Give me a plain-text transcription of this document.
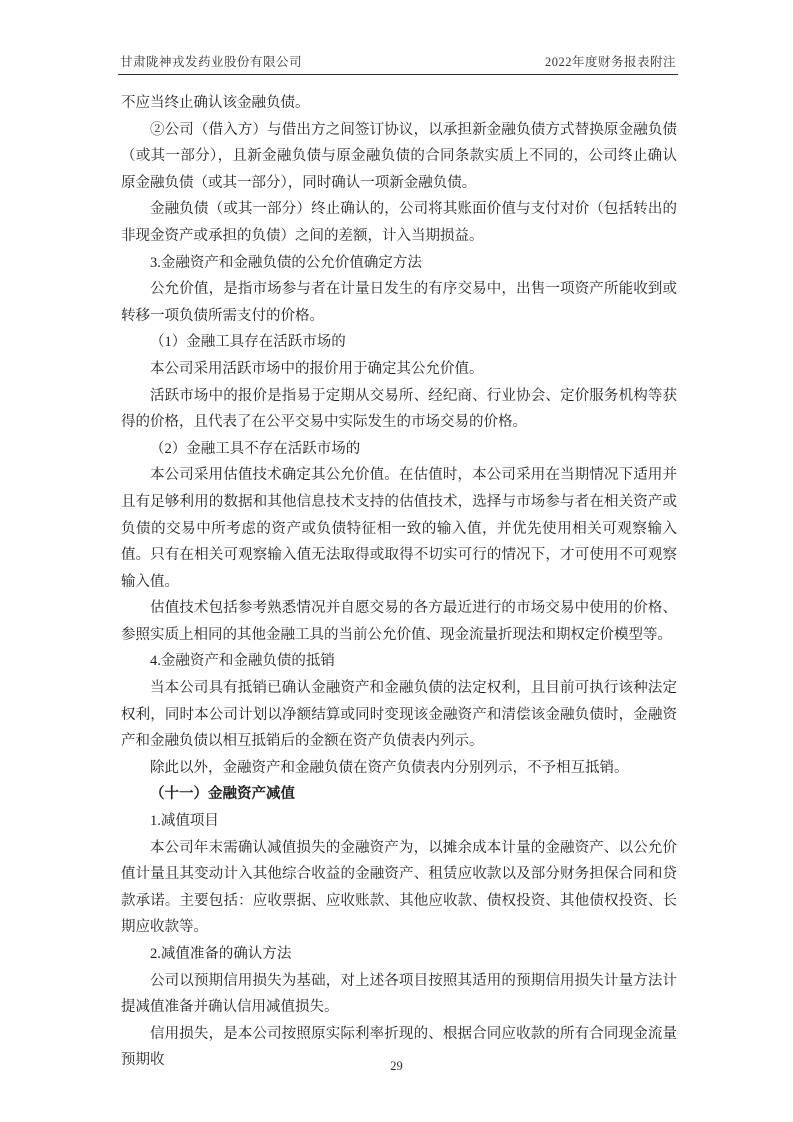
甘肃陇神戎发药业股份有限公司	2022年度财务报表附注

不应当终止确认该金融负债。

②公司（借入方）与借出方之间签订协议，以承担新金融负债方式替换原金融负债（或其一部分），且新金融负债与原金融负债的合同条款实质上不同的，公司终止确认原金融负债（或其一部分），同时确认一项新金融负债。

金融负债（或其一部分）终止确认的，公司将其账面价值与支付对价（包括转出的非现金资产或承担的负债）之间的差额，计入当期损益。

3.金融资产和金融负债的公允价值确定方法

公允价值，是指市场参与者在计量日发生的有序交易中，出售一项资产所能收到或转移一项负债所需支付的价格。

（1）金融工具存在活跃市场的

本公司采用活跃市场中的报价用于确定其公允价值。

活跃市场中的报价是指易于定期从交易所、经纪商、行业协会、定价服务机构等获得的价格，且代表了在公平交易中实际发生的市场交易的价格。

（2）金融工具不存在活跃市场的

本公司采用估值技术确定其公允价值。在估值时，本公司采用在当期情况下适用并且有足够利用的数据和其他信息技术支持的估值技术，选择与市场参与者在相关资产或负债的交易中所考虑的资产或负债特征相一致的输入值，并优先使用相关可观察输入值。只有在相关可观察输入值无法取得或取得不切实可行的情况下，才可使用不可观察输入值。

估值技术包括参考熟悉情况并自愿交易的各方最近进行的市场交易中使用的价格、参照实质上相同的其他金融工具的当前公允价值、现金流量折现法和期权定价模型等。

4.金融资产和金融负债的抵销

当本公司具有抵销已确认金融资产和金融负债的法定权利，且目前可执行该种法定权利，同时本公司计划以净额结算或同时变现该金融资产和清偿该金融负债时，金融资产和金融负债以相互抵销后的金额在资产负债表内列示。

除此以外，金融资产和金融负债在资产负债表内分别列示，不予相互抵销。

（十一）金融资产减值

1.减值项目

本公司年末需确认减值损失的金融资产为，以摊余成本计量的金融资产、以公允价值计量且其变动计入其他综合收益的金融资产、租赁应收款以及部分财务担保合同和贷款承诺。主要包括：应收票据、应收账款、其他应收款、债权投资、其他债权投资、长期应收款等。

2.减值准备的确认方法

公司以预期信用损失为基础，对上述各项目按照其适用的预期信用损失计量方法计提减值准备并确认信用减值损失。

信用损失，是本公司按照原实际利率折现的、根据合同应收款的所有合同现金流量预期收	29
